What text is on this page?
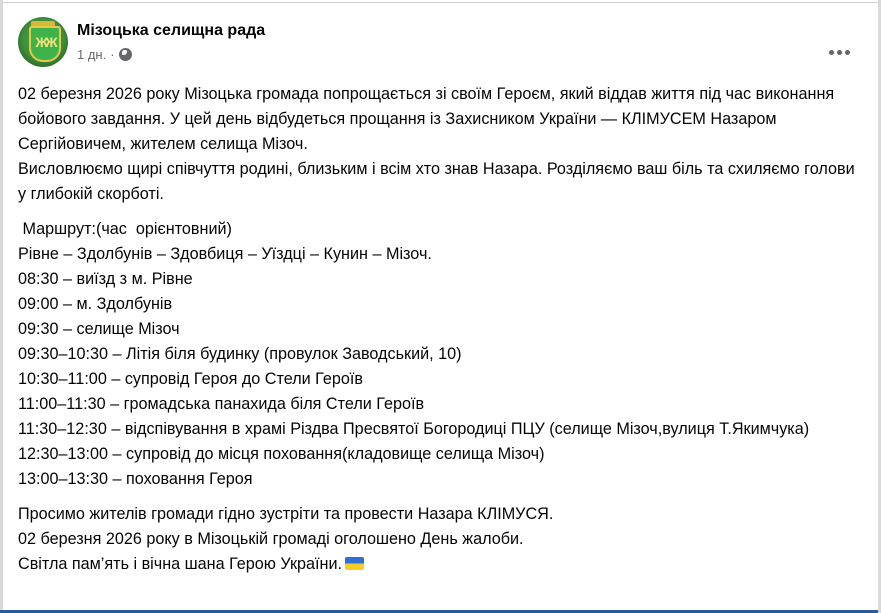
ЖЖ
Мізоцька селищна рада
1 дн. ·

02 березня 2026 року Мізоцька громада попрощається зі своїм Героєм, який віддав життя під час виконання бойового завдання. У цей день відбудеться прощання із Захисником України — КЛІМУСЕМ Назаром Сергійовичем, жителем селища Мізоч.

Висловлюємо щирі співчуття родині, близьким і всім хто знав Назара. Розділяємо ваш біль та схиляємо голови у глибокій скорботі.

Маршрут:(час  орієнтовний)

Рівне – Здолбунів – Здовбиця – Уїздці – Кунин – Мізоч.

08:30 – виїзд з м. Рівне

09:00 – м. Здолбунів

09:30 – селище Мізоч

09:30–10:30 – Літія біля будинку (провулок Заводський, 10)

10:30–11:00 – супровід Героя до Стели Героїв

11:00–11:30 – громадська панахида біля Стели Героїв

11:30–12:30 – відспівування в храмі Різдва Пресвятої Богородиці ПЦУ (селище Мізоч,вулиця Т.Якимчука)

12:30–13:00 – супровід до місця поховання(кладовище селища Мізоч)

13:00–13:30 – поховання Героя

Просимо жителів громади гідно зустріти та провести Назара КЛІМУСЯ.

02 березня 2026 року в Мізоцькій громаді оголошено День жалоби.

Світла пам’ять і вічна шана Герою України.
